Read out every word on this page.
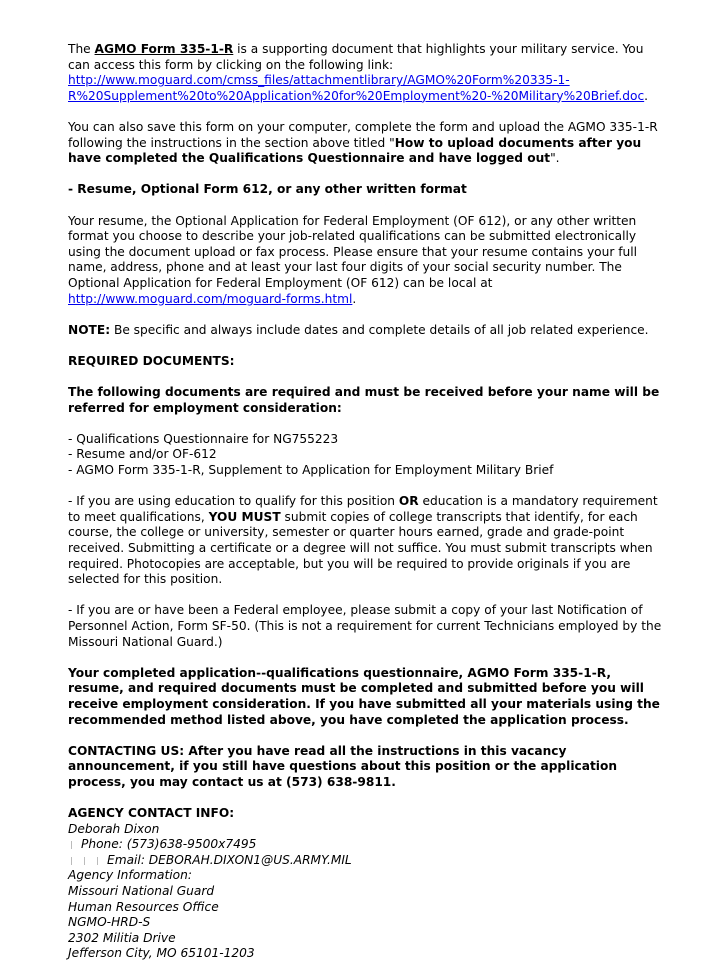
The AGMO Form 335-1-R is a supporting document that highlights your military service. You can access this form by clicking on the following link: http://www.moguard.com/cmss_files/attachmentlibrary/AGMO%20Form%20335-1-R%20Supplement%20to%20Application%20for%20Employment%20-%20Military%20Brief.doc.

You can also save this form on your computer, complete the form and upload the AGMO 335-1-R following the instructions in the section above titled "How to upload documents after you have completed the Qualifications Questionnaire and have logged out".

- Resume, Optional Form 612, or any other written format

Your resume, the Optional Application for Federal Employment (OF 612), or any other written format you choose to describe your job-related qualifications can be submitted electronically using the document upload or fax process. Please ensure that your resume contains your full name, address, phone and at least your last four digits of your social security number. The Optional Application for Federal Employment (OF 612) can be local at http://www.moguard.com/moguard-forms.html.

NOTE: Be specific and always include dates and complete details of all job related experience.

REQUIRED DOCUMENTS:

The following documents are required and must be received before your name will be referred for employment consideration:

- Qualifications Questionnaire for NG755223
- Resume and/or OF-612
- AGMO Form 335-1-R, Supplement to Application for Employment Military Brief

- If you are using education to qualify for this position OR education is a mandatory requirement to meet qualifications, YOU MUST submit copies of college transcripts that identify, for each course, the college or university, semester or quarter hours earned, grade and grade-point received. Submitting a certificate or a degree will not suffice. You must submit transcripts when required. Photocopies are acceptable, but you will be required to provide originals if you are selected for this position.

- If you are or have been a Federal employee, please submit a copy of your last Notification of Personnel Action, Form SF-50. (This is not a requirement for current Technicians employed by the Missouri National Guard.)

Your completed application--qualifications questionnaire, AGMO Form 335-1-R, resume, and required documents must be completed and submitted before you will receive employment consideration. If you have submitted all your materials using the recommended method listed above, you have completed the application process.

CONTACTING US: After you have read all the instructions in this vacancy announcement, if you still have questions about this position or the application process, you may contact us at (573) 638-9811.

AGENCY CONTACT INFO:
Deborah Dixon
Phone: (573)638-9500x7495
Email: DEBORAH.DIXON1@US.ARMY.MIL
Agency Information:
Missouri National Guard
Human Resources Office
NGMO-HRD-S
2302 Militia Drive
Jefferson City, MO 65101-1203
